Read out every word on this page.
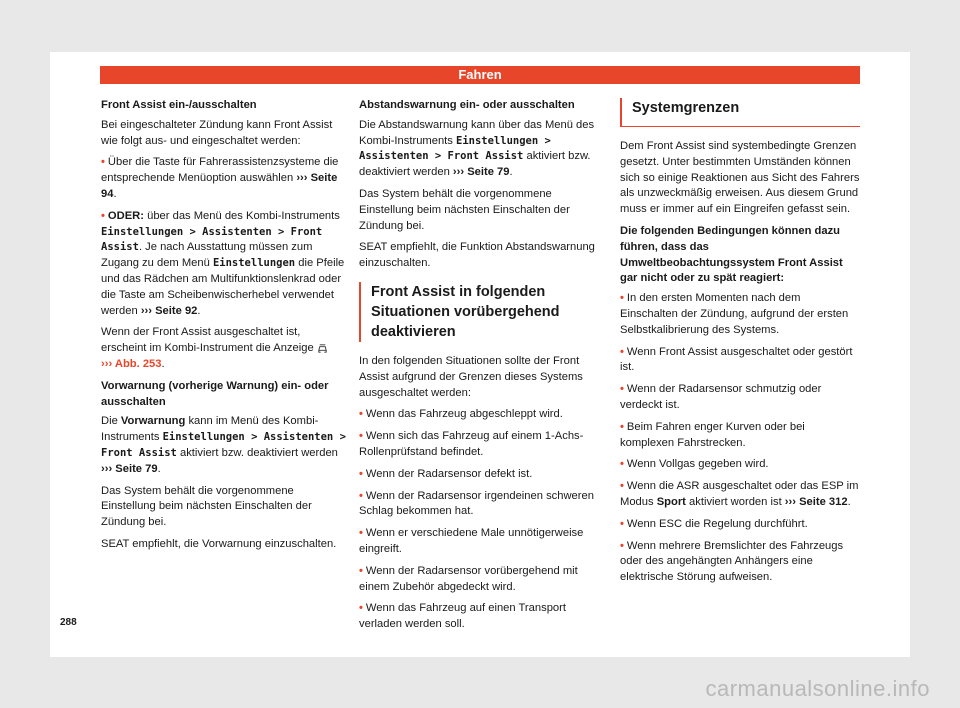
Fahren

Front Assist ein-/ausschalten

Bei eingeschalteter Zündung kann Front Assist wie folgt aus- und eingeschaltet werden:

• Über die Taste für Fahrerassistenzsysteme die entsprechende Menüoption auswählen ››› Seite 94.

• ODER: über das Menü des Kombi-Instruments Einstellungen > Assistenten > Front Assist. Je nach Ausstattung müssen zum Zugang zu dem Menü Einstellungen die Pfeile und das Rädchen am Multifunktionslenkrad oder die Taste am Scheibenwischerhebel verwendet werden ››› Seite 92.

Wenn der Front Assist ausgeschaltet ist, erscheint im Kombi-Instrument die Anzeige
››› Abb. 253.

Vorwarnung (vorherige Warnung) ein- oder ausschalten

Die Vorwarnung kann im Menü des Kombi-Instruments Einstellungen > Assistenten > Front Assist aktiviert bzw. deaktiviert werden ››› Seite 79.

Das System behält die vorgenommene Einstellung beim nächsten Einschalten der Zündung bei.

SEAT empfiehlt, die Vorwarnung einzuschalten.

Abstandswarnung ein- oder ausschalten

Die Abstandswarnung kann über das Menü des Kombi-Instruments Einstellungen > Assistenten > Front Assist aktiviert bzw. deaktiviert werden ››› Seite 79.

Das System behält die vorgenommene Einstellung beim nächsten Einschalten der Zündung bei.

SEAT empfiehlt, die Funktion Abstandswarnung einzuschalten.

Front Assist in folgenden Situationen vorübergehend deaktivieren

In den folgenden Situationen sollte der Front Assist aufgrund der Grenzen dieses Systems ausgeschaltet werden:

• Wenn das Fahrzeug abgeschleppt wird.

• Wenn sich das Fahrzeug auf einem 1-Achs-Rollenprüfstand befindet.

• Wenn der Radarsensor defekt ist.

• Wenn der Radarsensor irgendeinen schweren Schlag bekommen hat.

• Wenn er verschiedene Male unnötigerweise eingreift.

• Wenn der Radarsensor vorübergehend mit einem Zubehör abgedeckt wird.

• Wenn das Fahrzeug auf einen Transport verladen werden soll.

Systemgrenzen

Dem Front Assist sind systembedingte Grenzen gesetzt. Unter bestimmten Umständen können sich so einige Reaktionen aus Sicht des Fahrers als unzweckmäßig erweisen. Aus diesem Grund muss er immer auf ein Eingreifen gefasst sein.

Die folgenden Bedingungen können dazu führen, dass das Umweltbeobachtungssystem Front Assist gar nicht oder zu spät reagiert:

• In den ersten Momenten nach dem Einschalten der Zündung, aufgrund der ersten Selbstkalibrierung des Systems.

• Wenn Front Assist ausgeschaltet oder gestört ist.

• Wenn der Radarsensor schmutzig oder verdeckt ist.

• Beim Fahren enger Kurven oder bei komplexen Fahrstrecken.

• Wenn Vollgas gegeben wird.

• Wenn die ASR ausgeschaltet oder das ESP im Modus Sport aktiviert worden ist ››› Seite 312.

• Wenn ESC die Regelung durchführt.

• Wenn mehrere Bremslichter des Fahrzeugs oder des angehängten Anhängers eine elektrische Störung aufweisen.

288
carmanualsonline.info
